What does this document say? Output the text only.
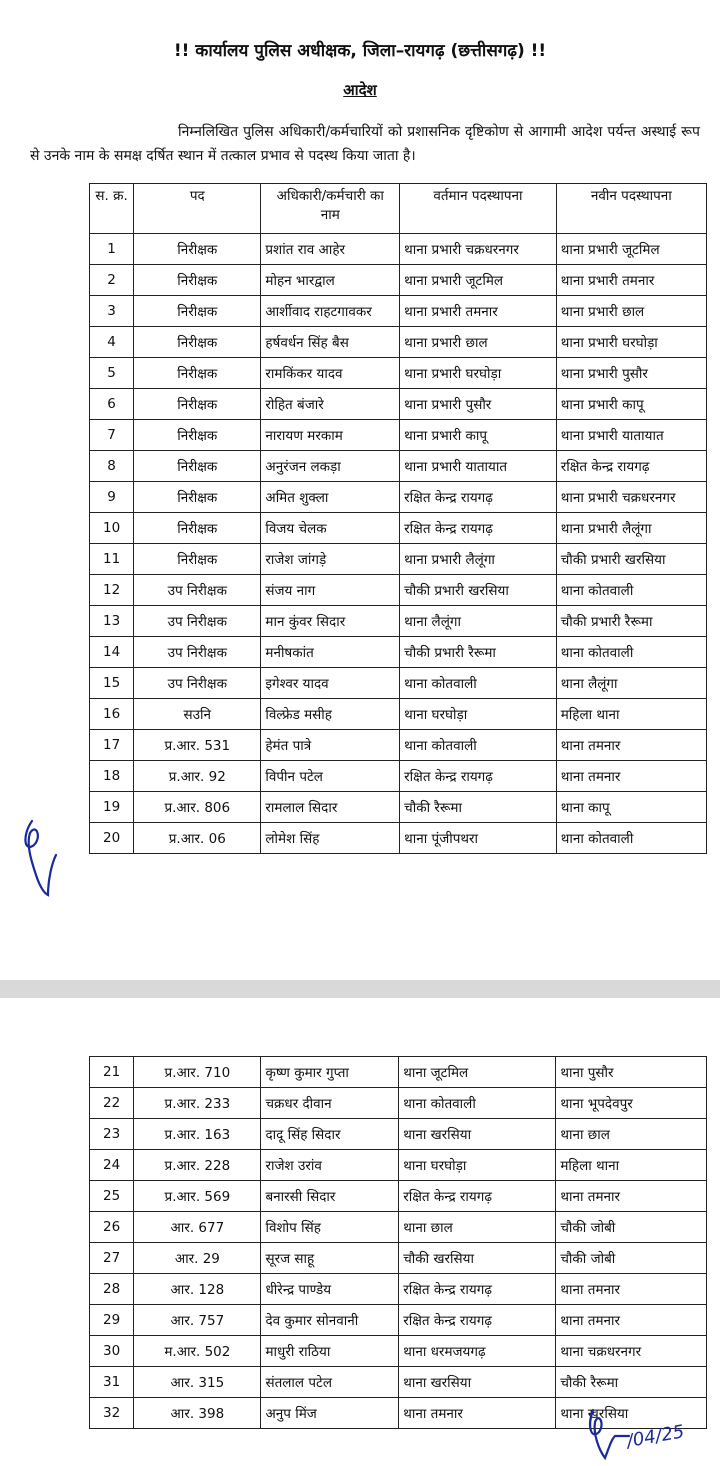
!! कार्यालय पुलिस अधीक्षक, जिला–रायगढ़ (छत्तीसगढ़) !!
आदेश
निम्नलिखित पुलिस अधिकारी/कर्मचारियों को प्रशासनिक दृष्टिकोण से आगामी आदेश पर्यन्त अस्थाई रूप से उनके नाम के समक्ष दर्षित स्थान में तत्काल प्रभाव से पदस्थ किया जाता है।
स. क्र.	पद	अधिकारी/कर्मचारी का नाम	वर्तमान पदस्थापना	नवीन पदस्थापना
1	निरीक्षक	प्रशांत राव आहेर	थाना प्रभारी चक्रधरनगर	थाना प्रभारी जूटमिल
2	निरीक्षक	मोहन भारद्वाल	थाना प्रभारी जूटमिल	थाना प्रभारी तमनार
3	निरीक्षक	आर्शीवाद राहटगावकर	थाना प्रभारी तमनार	थाना प्रभारी छाल
4	निरीक्षक	हर्षवर्धन सिंह बैस	थाना प्रभारी छाल	थाना प्रभारी घरघोड़ा
5	निरीक्षक	रामकिंकर यादव	थाना प्रभारी घरघोड़ा	थाना प्रभारी पुसौर
6	निरीक्षक	रोहित बंजारे	थाना प्रभारी पुसौर	थाना प्रभारी कापू
7	निरीक्षक	नारायण मरकाम	थाना प्रभारी कापू	थाना प्रभारी यातायात
8	निरीक्षक	अनुरंजन लकड़ा	थाना प्रभारी यातायात	रक्षित केन्द्र रायगढ़
9	निरीक्षक	अमित शुक्ला	रक्षित केन्द्र रायगढ़	थाना प्रभारी चक्रधरनगर
10	निरीक्षक	विजय चेलक	रक्षित केन्द्र रायगढ़	थाना प्रभारी लैलूंगा
11	निरीक्षक	राजेश जांगड़े	थाना प्रभारी लैलूंगा	चौकी प्रभारी खरसिया
12	उप निरीक्षक	संजय नाग	चौकी प्रभारी खरसिया	थाना कोतवाली
13	उप निरीक्षक	मान कुंवर सिदार	थाना लैलूंगा	चौकी प्रभारी रैरूमा
14	उप निरीक्षक	मनीषकांत	चौकी प्रभारी रैरूमा	थाना कोतवाली
15	उप निरीक्षक	इगेश्वर यादव	थाना कोतवाली	थाना लैलूंगा
16	सउनि	विल्फ्रेड मसीह	थाना घरघोड़ा	महिला थाना
17	प्र.आर. 531	हेमंत पात्रे	थाना कोतवाली	थाना तमनार
18	प्र.आर. 92	विपीन पटेल	रक्षित केन्द्र रायगढ़	थाना तमनार
19	प्र.आर. 806	रामलाल सिदार	चौकी रैरूमा	थाना कापू
20	प्र.आर. 06	लोमेश सिंह	थाना पूंजीपथरा	थाना कोतवाली
21	प्र.आर. 710	कृष्ण कुमार गुप्ता	थाना जूटमिल	थाना पुसौर
22	प्र.आर. 233	चक्रधर दीवान	थाना कोतवाली	थाना भूपदेवपुर
23	प्र.आर. 163	दादू सिंह सिदार	थाना खरसिया	थाना छाल
24	प्र.आर. 228	राजेश उरांव	थाना घरघोड़ा	महिला थाना
25	प्र.आर. 569	बनारसी सिदार	रक्षित केन्द्र रायगढ़	थाना तमनार
26	आर. 677	विशोप सिंह	थाना छाल	चौकी जोबी
27	आर. 29	सूरज साहू	चौकी खरसिया	चौकी जोबी
28	आर. 128	धीरेन्द्र पाण्डेय	रक्षित केन्द्र रायगढ़	थाना तमनार
29	आर. 757	देव कुमार सोनवानी	रक्षित केन्द्र रायगढ़	थाना तमनार
30	म.आर. 502	माधुरी राठिया	थाना धरमजयगढ़	थाना चक्रधरनगर
31	आर. 315	संतलाल पटेल	थाना खरसिया	चौकी रैरूमा
32	आर. 398	अनुप मिंज	थाना तमनार	थाना खरसिया
/04/25
